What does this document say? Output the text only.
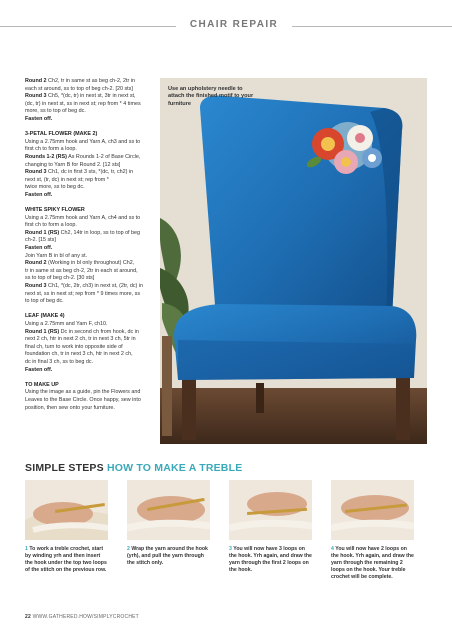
CHAIR REPAIR

Round 2 Ch2, tr in same st as beg ch-2, 2tr in

each st around, ss to top of beg ch-2. [20 sts]

Round 3 Ch5, *(dc, tr) in next st, 3tr in next st,

(dc, tr) in next st, ss in next st; rep from * 4 times

more, ss to top of beg dc.

Fasten off.

3-PETAL FLOWER (MAKE 2)

Using a 2.75mm hook and Yarn A, ch3 and ss to

first ch to form a loop.

Rounds 1-2 (RS) As Rounds 1-2 of Base Circle,

changing to Yarn B for Round 2. [12 sts]

Round 3 Ch1, dc in first 3 sts, *(dc, tr, ch2) in

next st, (tr, dc) in next st; rep from *

twice more, ss to beg dc.

Fasten off.

WHITE SPIKY FLOWER

Using a 2.75mm hook and Yarn A, ch4 and ss to

first ch to form a loop.

Round 1 (RS) Ch2, 14tr in loop, ss to top of beg

ch-2. [15 sts]

Fasten off.

Join Yarn B in bl of any st.

Round 2 (Working in bl only throughout) Ch2,

tr in same st as beg ch-2, 2tr in each st around,

ss to top of beg ch-2. [30 sts]

Round 3 Ch1, *(dc, 2tr, ch3) in next st, (2tr, dc) in

next st, ss in next st; rep from * 9 times more, ss

to top of beg dc.

LEAF (MAKE 4)

Using a 2.75mm and Yarn F, ch10.

Round 1 (RS) Dc in second ch from hook, dc in

next 2 ch, htr in next 2 ch, tr in next 3 ch, 5tr in

final ch, turn to work into opposite side of

foundation ch, tr in next 3 ch, htr in next 2 ch,

dc in final 3 ch, ss to beg dc.

Fasten off.

TO MAKE UP

Using the image as a guide, pin the Flowers and

Leaves to the Base Circle. Once happy, sew into

position, then sew onto your furniture.

Use an upholstery needle to attach the finished motif to your furniture
SIMPLE STEPS HOW TO MAKE A TREBLE
1 To work a treble crochet, start by winding yrh and then insert the hook under the top two loops of the stitch on the previous row.
2 Wrap the yarn around the hook (yrh), and pull the yarn through the stitch only.
3 You will now have 3 loops on the hook. Yrh again, and draw the yarn through the first 2 loops on the hook.
4 You will now have 2 loops on the hook. Yrh again, and draw the yarn through the remaining 2 loops on the hook. Your treble crochet will be complete.
22 WWW.GATHERED.HOW/SIMPLYCROCHET
